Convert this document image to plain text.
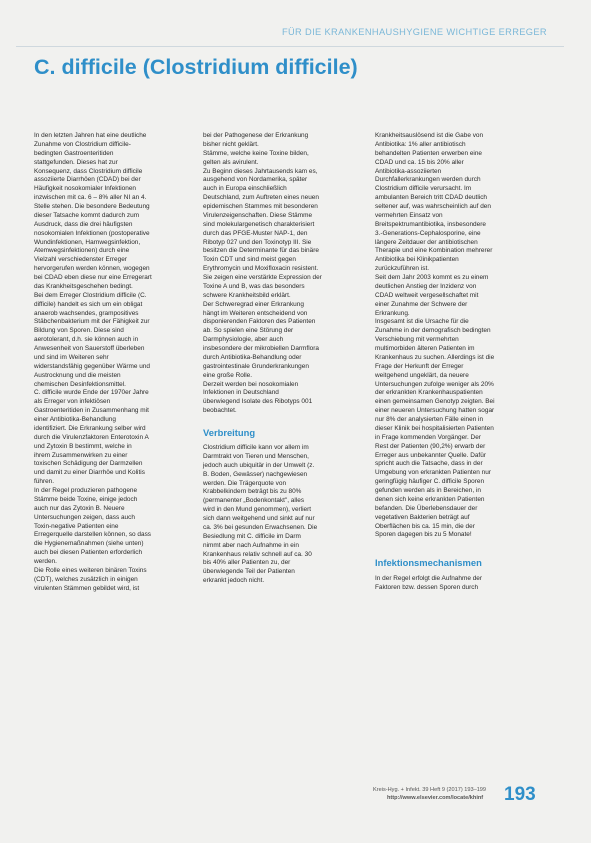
FÜR DIE KRANKENHAUSHYGIENE WICHTIGE ERREGER
C. difficile (Clostridium difficile)

In den letzten Jahren hat eine deutliche

Zunahme von Clostridium difficile-

bedingten Gastroenteritiden

stattgefunden. Dieses hat zur

Konsequenz, dass Clostridium difficile

assoziierte Diarrhöen (CDAD) bei der

Häufigkeit nosokomialer Infektionen

inzwischen mit ca. 6 – 8% aller NI an 4.

Stelle stehen. Die besondere Bedeutung

dieser Tatsache kommt dadurch zum

Ausdruck, dass die drei häufigsten

nosokomialen Infektionen (postoperative

Wundinfektionen, Harnwegsinfektion,

Atemwegsinfektionen) durch eine

Vielzahl verschiedenster Erreger

hervorgerufen werden können, wogegen

bei CDAD eben diese nur eine Erregerart

das Krankheitsgeschehen bedingt.

Bei dem Erreger Clostridium difficile (C.

difficile) handelt es sich um ein obligat

anaerob wachsendes, grampositives

Stäbchenbakterium mit der Fähigkeit zur

Bildung von Sporen. Diese sind

aerotolerant, d.h. sie können auch in

Anwesenheit von Sauerstoff überleben

und sind im Weiteren sehr

widerstandsfähig gegenüber Wärme und

Austrocknung und die meisten

chemischen Desinfektionsmittel.

C. difficile wurde Ende der 1970er Jahre

als Erreger von infektiösen

Gastroenteritiden in Zusammenhang mit

einer Antibiotika-Behandlung

identifiziert. Die Erkrankung selber wird

durch die Virulenzfaktoren Enterotoxin A

und Zytoxin B bestimmt, welche in

ihrem Zusammenwirken zu einer

toxischen Schädigung der Darmzellen

und damit zu einer Diarrhöe und Kolitis

führen.

In der Regel produzieren pathogene

Stämme beide Toxine, einige jedoch

auch nur das Zytoxin B. Neuere

Untersuchungen zeigen, dass auch

Toxin-negative Patienten eine

Erregerquelle darstellen können, so dass

die Hygienemaßnahmen (siehe unten)

auch bei diesen Patienten erforderlich

werden.

Die Rolle eines weiteren binären Toxins

(CDT), welches zusätzlich in einigen

virulenten Stämmen gebildet wird, ist

bei der Pathogenese der Erkrankung

bisher nicht geklärt.

Stämme, welche keine Toxine bilden,

gelten als avirulent.

Zu Beginn dieses Jahrtausends kam es,

ausgehend von Nordamerika, später

auch in Europa einschließlich

Deutschland, zum Auftreten eines neuen

epidemischen Stammes mit besonderen

Virulenzeigenschaften. Diese Stämme

sind molekulargenetisch charakterisiert

durch das PFGE-Muster NAP-1, den

Ribotyp 027 und den Toxinotyp III. Sie

besitzen die Determinante für das binäre

Toxin CDT und sind meist gegen

Erythromycin und Moxifloxacin resistent.

Sie zeigen eine verstärkte Expression der

Toxine A und B, was das besonders

schwere Krankheitsbild erklärt.

Der Schweregrad einer Erkrankung

hängt im Weiteren entscheidend von

disponierenden Faktoren des Patienten

ab. So spielen eine Störung der

Darmphysiologie, aber auch

insbesondere der mikrobiellen Darmflora

durch Antibiotika-Behandlung oder

gastrointestinale Grunderkrankungen

eine große Rolle.

Derzeit werden bei nosokomialen

Infektionen in Deutschland

überwiegend Isolate des Ribotyps 001

beobachtet.

Verbreitung

Clostridium difficile kann vor allem im

Darmtrakt von Tieren und Menschen,

jedoch auch ubiquitär in der Umwelt (z.

B. Boden, Gewässer) nachgewiesen

werden. Die Trägerquote von

Krabbelkindern beträgt bis zu 80%

(permanenter „Bodenkontakt", alles

wird in den Mund genommen), verliert

sich dann weitgehend und sinkt auf nur

ca. 3% bei gesunden Erwachsenen. Die

Besiedlung mit C. difficile im Darm

nimmt aber nach Aufnahme in ein

Krankenhaus relativ schnell auf ca. 30

bis 40% aller Patienten zu, der

überwiegende Teil der Patienten

erkrankt jedoch nicht.

Krankheitsauslösend ist die Gabe von

Antibiotika: 1% aller antibiotisch

behandelten Patienten erwerben eine

CDAD und ca. 15 bis 20% aller

Antibiotika-assoziierten

Durchfallerkrankungen werden durch

Clostridium difficile verursacht. Im

ambulanten Bereich tritt CDAD deutlich

seltener auf, was wahrscheinlich auf den

vermehrten Einsatz von

Breitspektrumantibiotika, insbesondere

3.-Generations-Cephalosporine, eine

längere Zeitdauer der antibiotischen

Therapie und eine Kombination mehrerer

Antibiotika bei Klinikpatienten

zurückzuführen ist.

Seit dem Jahr 2003 kommt es zu einem

deutlichen Anstieg der Inzidenz von

CDAD weltweit vergesellschaftet mit

einer Zunahme der Schwere der

Erkrankung.

Insgesamt ist die Ursache für die

Zunahme in der demografisch bedingten

Verschiebung mit vermehrten

multimorbiden älteren Patienten im

Krankenhaus zu suchen. Allerdings ist die

Frage der Herkunft der Erreger

weitgehend ungeklärt, da neuere

Untersuchungen zufolge weniger als 20%

der erkrankten Krankenhauspatienten

einen gemeinsamen Genotyp zeigten. Bei

einer neueren Untersuchung hatten sogar

nur 8% der analysierten Fälle einen in

dieser Klinik bei hospitalisierten Patienten

in Frage kommenden Vorgänger. Der

Rest der Patienten (90,2%) erwarb der

Erreger aus unbekannter Quelle. Dafür

spricht auch die Tatsache, dass in der

Umgebung von erkrankten Patienten nur

geringfügig häufiger C. difficile Sporen

gefunden werden als in Bereichen, in

denen sich keine erkrankten Patienten

befanden. Die Überlebensdauer der

vegetativen Bakterien beträgt auf

Oberflächen bis ca. 15 min, die der

Sporen dagegen bis zu 5 Monate!

Infektionsmechanismen

In der Regel erfolgt die Aufnahme der

Faktoren bzw. dessen Sporen durch

Kreis-Hyg. + Infekt. 39 Heft 9 (2017) 193–199
http://www.elsevier.com/locate/khinf 193
